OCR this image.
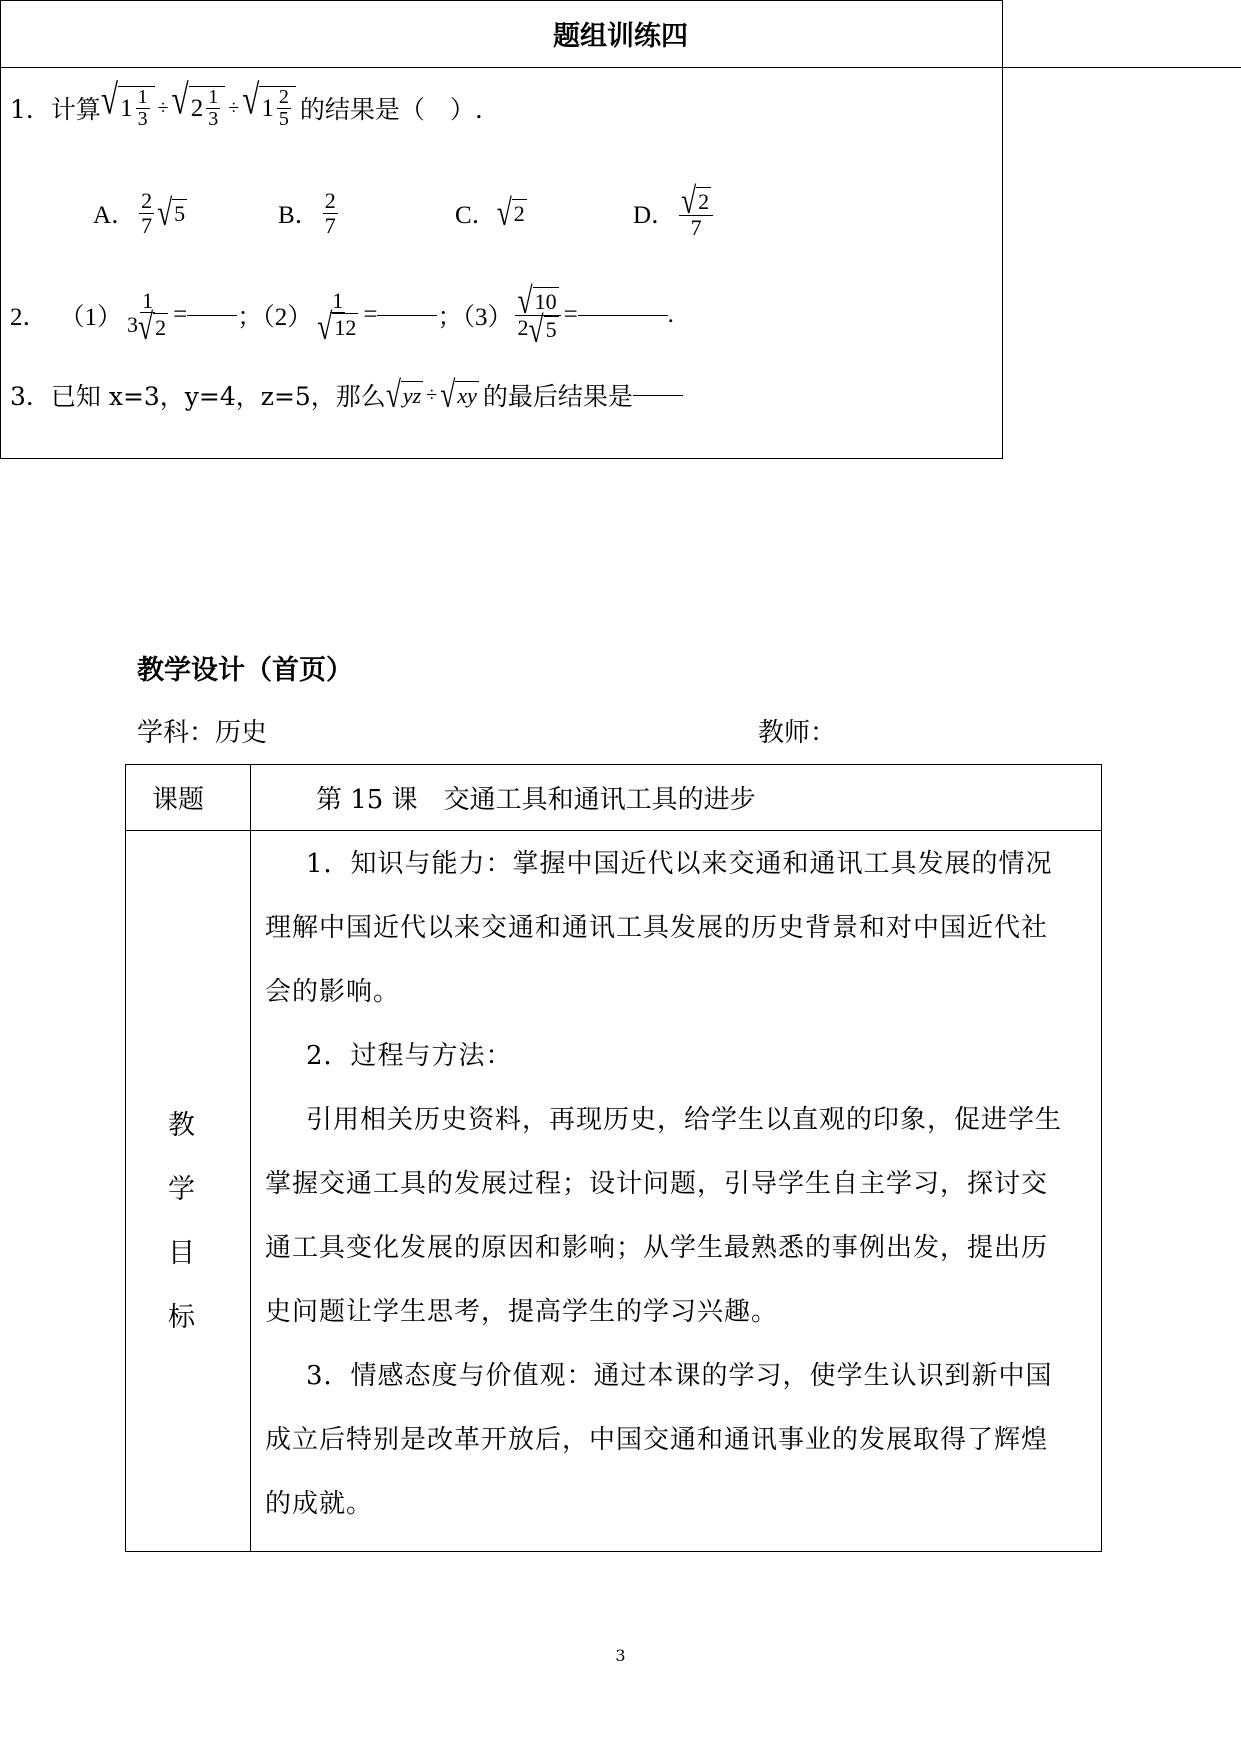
题组训练四
1．计算 √ $1 \frac{1}{3}$ ÷ √ $2 \frac{1}{3}$ ÷ √ $1 \frac{2}{5}$ 的结果是（　）.
A． $\frac{2}{7}$ √ 5	B． $\frac{2}{7}$	C． √ 2	D． $\frac{√ 2}{7}$
2． $(1) \frac{1}{3 √ 2}$ = ；$(2) \frac{1}{√ 12}$ = ；$(3) \frac{√ 10}{2 √ 5}$ =	.
3．已知 x=3，y=4，z=5，那么 √ yz ÷ √ xy 的最后结果是
教学设计（首页）
学科：历史	教师：
课题	第 15 课　交通工具和通讯工具的进步
教
学
目
标
1．知识与能力：掌握中国近代以来交通和通讯工具发展的情况
理解中国近代以来交通和通讯工具发展的历史背景和对中国近代社
会的影响。
2．过程与方法：
引用相关历史资料，再现历史，给学生以直观的印象，促进学生
掌握交通工具的发展过程；设计问题，引导学生自主学习，探讨交
通工具变化发展的原因和影响；从学生最熟悉的事例出发，提出历
史问题让学生思考，提高学生的学习兴趣。
3．情感态度与价值观：通过本课的学习，使学生认识到新中国
成立后特别是改革开放后，中国交通和通讯事业的发展取得了辉煌
的成就。
3
